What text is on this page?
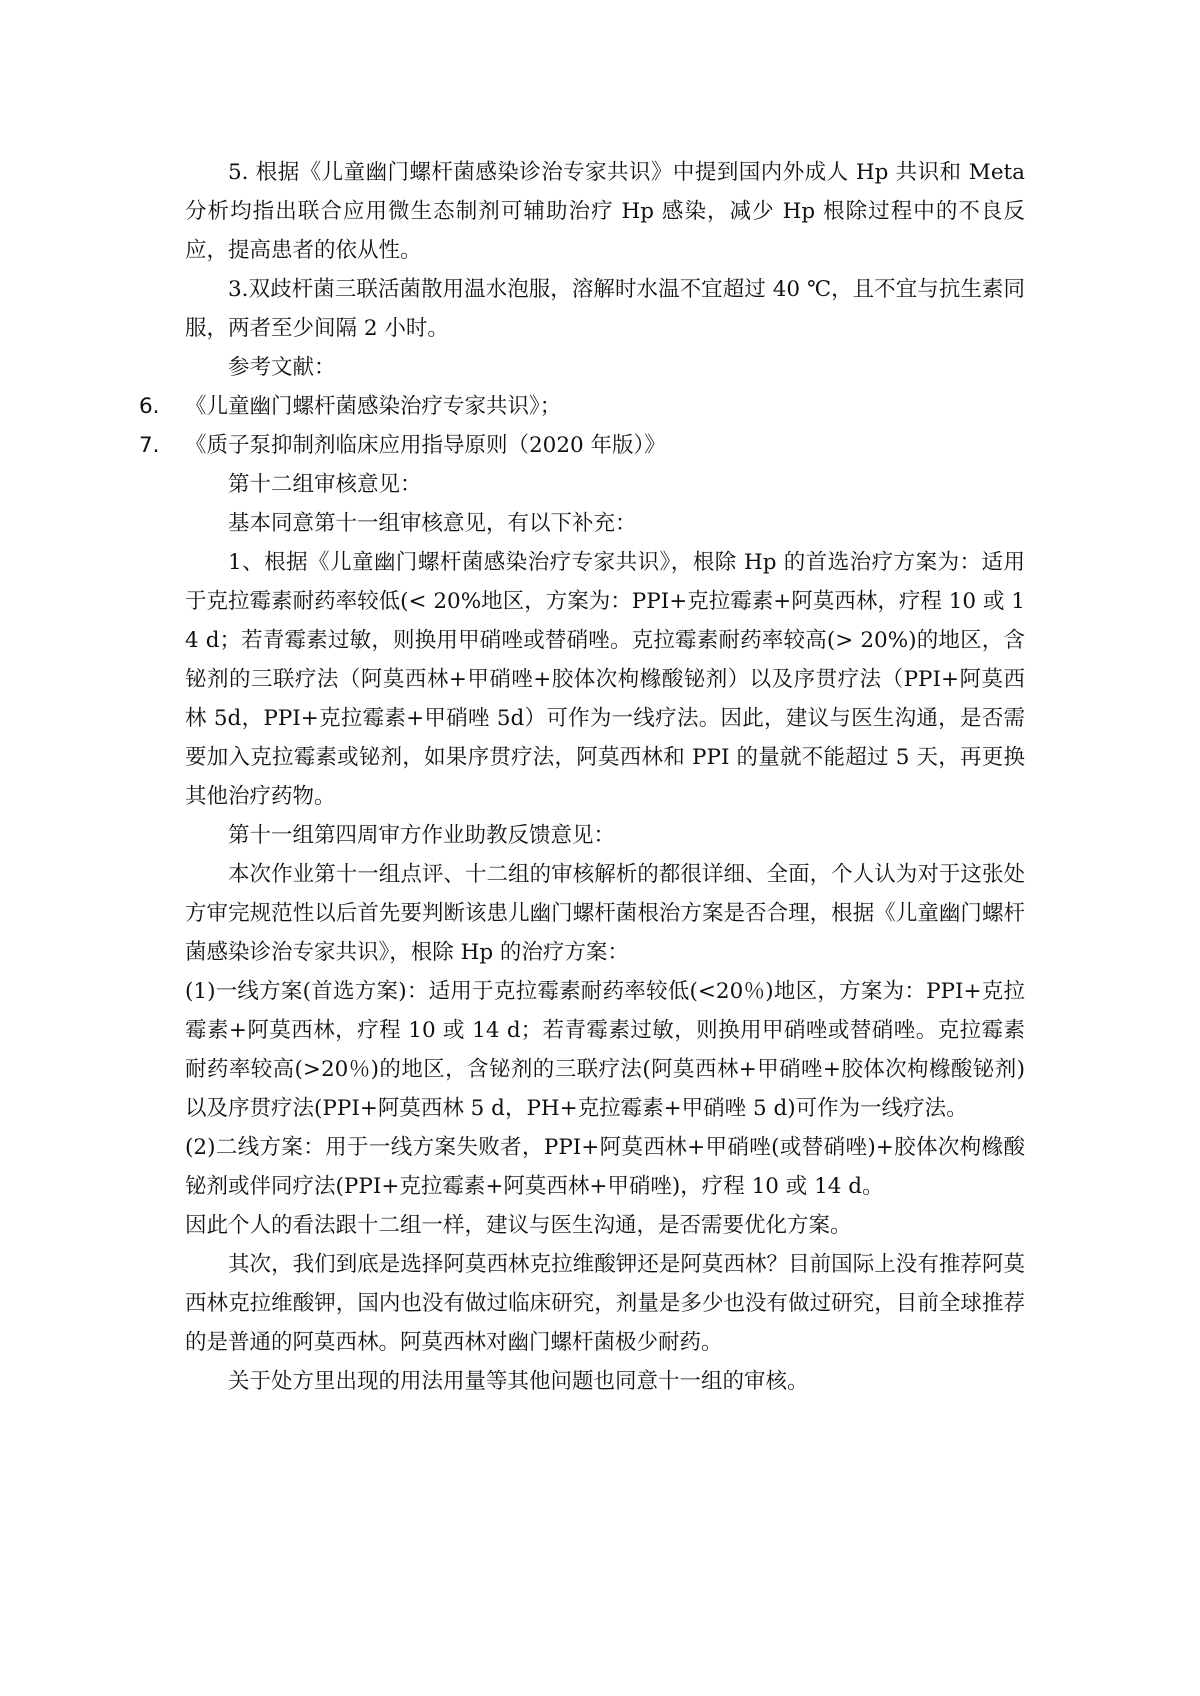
5. 根据《儿童幽门螺杆菌感染诊治专家共识》中提到国内外成人 Hp 共识和 Meta 分析均指出联合应用微生态制剂可辅助治疗 Hp 感染，减少 Hp 根除过程中的不良反应，提高患者的依从性。

3.双歧杆菌三联活菌散用温水泡服，溶解时水温不宜超过 40 ℃，且不宜与抗生素同服，两者至少间隔 2 小时。

参考文献：

6. 《儿童幽门螺杆菌感染治疗专家共识》；
7. 《质子泵抑制剂临床应用指导原则（2020 年版）》

第十二组审核意见：

基本同意第十一组审核意见，有以下补充：

1、根据《儿童幽门螺杆菌感染治疗专家共识》，根除 Hp 的首选治疗方案为：适用于克拉霉素耐药率较低(< 20%地区，方案为：PPI+克拉霉素+阿莫西林，疗程 10 或 14 d；若青霉素过敏，则换用甲硝唑或替硝唑。克拉霉素耐药率较高(> 20%)的地区，含铋剂的三联疗法（阿莫西林+甲硝唑+胶体次枸橼酸铋剂）以及序贯疗法（PPI+阿莫西林 5d，PPI+克拉霉素+甲硝唑 5d）可作为一线疗法。因此，建议与医生沟通，是否需要加入克拉霉素或铋剂，如果序贯疗法，阿莫西林和 PPI 的量就不能超过 5 天，再更换其他治疗药物。

第十一组第四周审方作业助教反馈意见：

本次作业第十一组点评、十二组的审核解析的都很详细、全面，个人认为对于这张处方审完规范性以后首先要判断该患儿幽门螺杆菌根治方案是否合理，根据《儿童幽门螺杆菌感染诊治专家共识》，根除 Hp 的治疗方案：

(1)一线方案(首选方案)：适用于克拉霉素耐药率较低(<20％)地区，方案为：PPI+克拉霉素+阿莫西林，疗程 10 或 14 d；若青霉素过敏，则换用甲硝唑或替硝唑。克拉霉素耐药率较高(>20％)的地区，含铋剂的三联疗法(阿莫西林+甲硝唑+胶体次枸橼酸铋剂)以及序贯疗法(PPI+阿莫西林 5 d，PH+克拉霉素+甲硝唑 5 d)可作为一线疗法。

(2)二线方案：用于一线方案失败者，PPI+阿莫西林+甲硝唑(或替硝唑)+胶体次枸橼酸铋剂或伴同疗法(PPI+克拉霉素+阿莫西林+甲硝唑)，疗程 10 或 14 d。

因此个人的看法跟十二组一样，建议与医生沟通，是否需要优化方案。

其次，我们到底是选择阿莫西林克拉维酸钾还是阿莫西林？目前国际上没有推荐阿莫西林克拉维酸钾，国内也没有做过临床研究，剂量是多少也没有做过研究，目前全球推荐的是普通的阿莫西林。阿莫西林对幽门螺杆菌极少耐药。

关于处方里出现的用法用量等其他问题也同意十一组的审核。
